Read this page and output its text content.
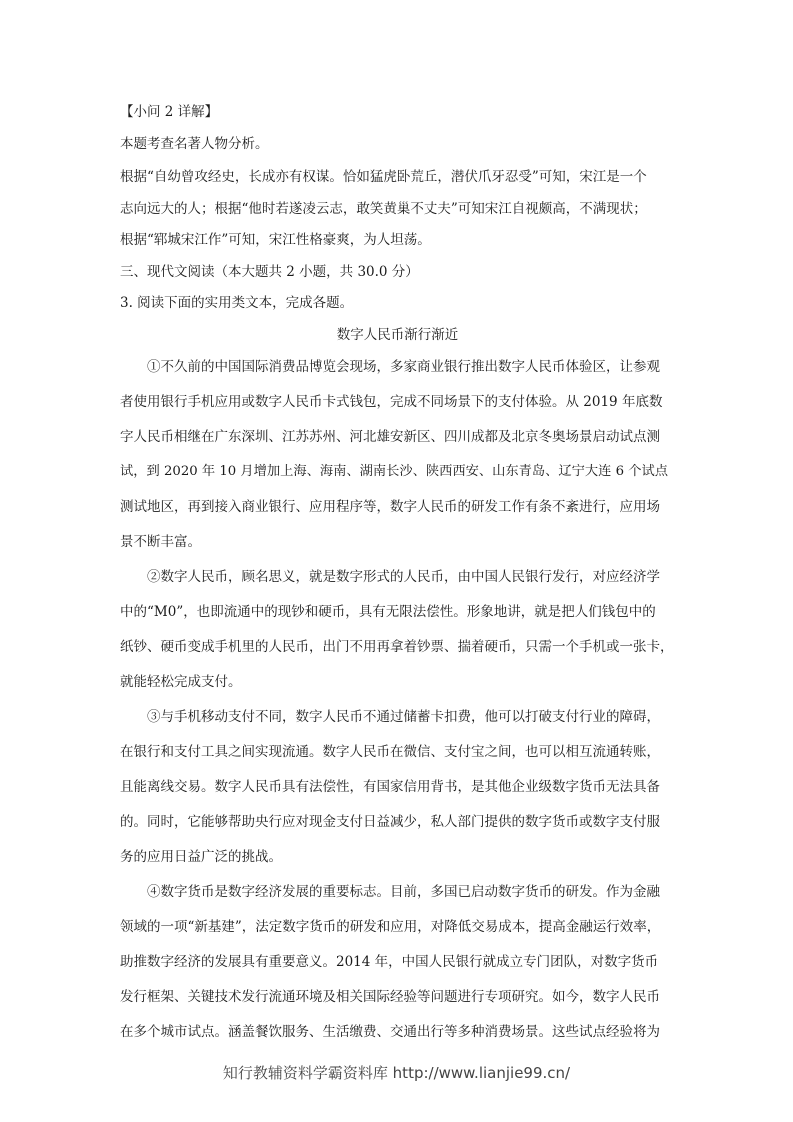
【小问 2 详解】
本题考查名著人物分析。
根据“自幼曾攻经史，长成亦有权谋。恰如猛虎卧荒丘，潜伏爪牙忍受”可知，宋江是一个
志向远大的人；根据“他时若遂凌云志，敢笑黄巢不丈夫”可知宋江自视颇高，不满现状；
根据“郓城宋江作”可知，宋江性格豪爽，为人坦荡。
三、现代文阅读（本大题共 2 小题，共 30.0 分）
3. 阅读下面的实用类文本，完成各题。
数字人民币渐行渐近
①不久前的中国国际消费品博览会现场，多家商业银行推出数字人民币体验区，让参观
者使用银行手机应用或数字人民币卡式钱包，完成不同场景下的支付体验。从 2019 年底数
字人民币相继在广东深圳、江苏苏州、河北雄安新区、四川成都及北京冬奥场景启动试点测
试，到 2020 年 10 月增加上海、海南、湖南长沙、陕西西安、山东青岛、辽宁大连 6 个试点
测试地区，再到接入商业银行、应用程序等，数字人民币的研发工作有条不紊进行，应用场
景不断丰富。
②数字人民币，顾名思义，就是数字形式的人民币，由中国人民银行发行，对应经济学
中的“M0”，也即流通中的现钞和硬币，具有无限法偿性。形象地讲，就是把人们钱包中的
纸钞、硬币变成手机里的人民币，出门不用再拿着钞票、揣着硬币，只需一个手机或一张卡，
就能轻松完成支付。
③与手机移动支付不同，数字人民币不通过储蓄卡扣费，他可以打破支付行业的障碍，
在银行和支付工具之间实现流通。数字人民币在微信、支付宝之间，也可以相互流通转账，
且能离线交易。数字人民币具有法偿性，有国家信用背书，是其他企业级数字货币无法具备
的。同时，它能够帮助央行应对现金支付日益减少，私人部门提供的数字货币或数字支付服
务的应用日益广泛的挑战。
④数字货币是数字经济发展的重要标志。目前，多国已启动数字货币的研发。作为金融
领域的一项“新基建”，法定数字货币的研发和应用，对降低交易成本，提高金融运行效率，
助推数字经济的发展具有重要意义。2014 年，中国人民银行就成立专门团队，对数字货币
发行框架、关键技术发行流通环境及相关国际经验等问题进行专项研究。如今，数字人民币
在多个城市试点。涵盖餐饮服务、生活缴费、交通出行等多种消费场景。这些试点经验将为
知行教辅资料学霸资料库 http://www.lianjie99.cn/
